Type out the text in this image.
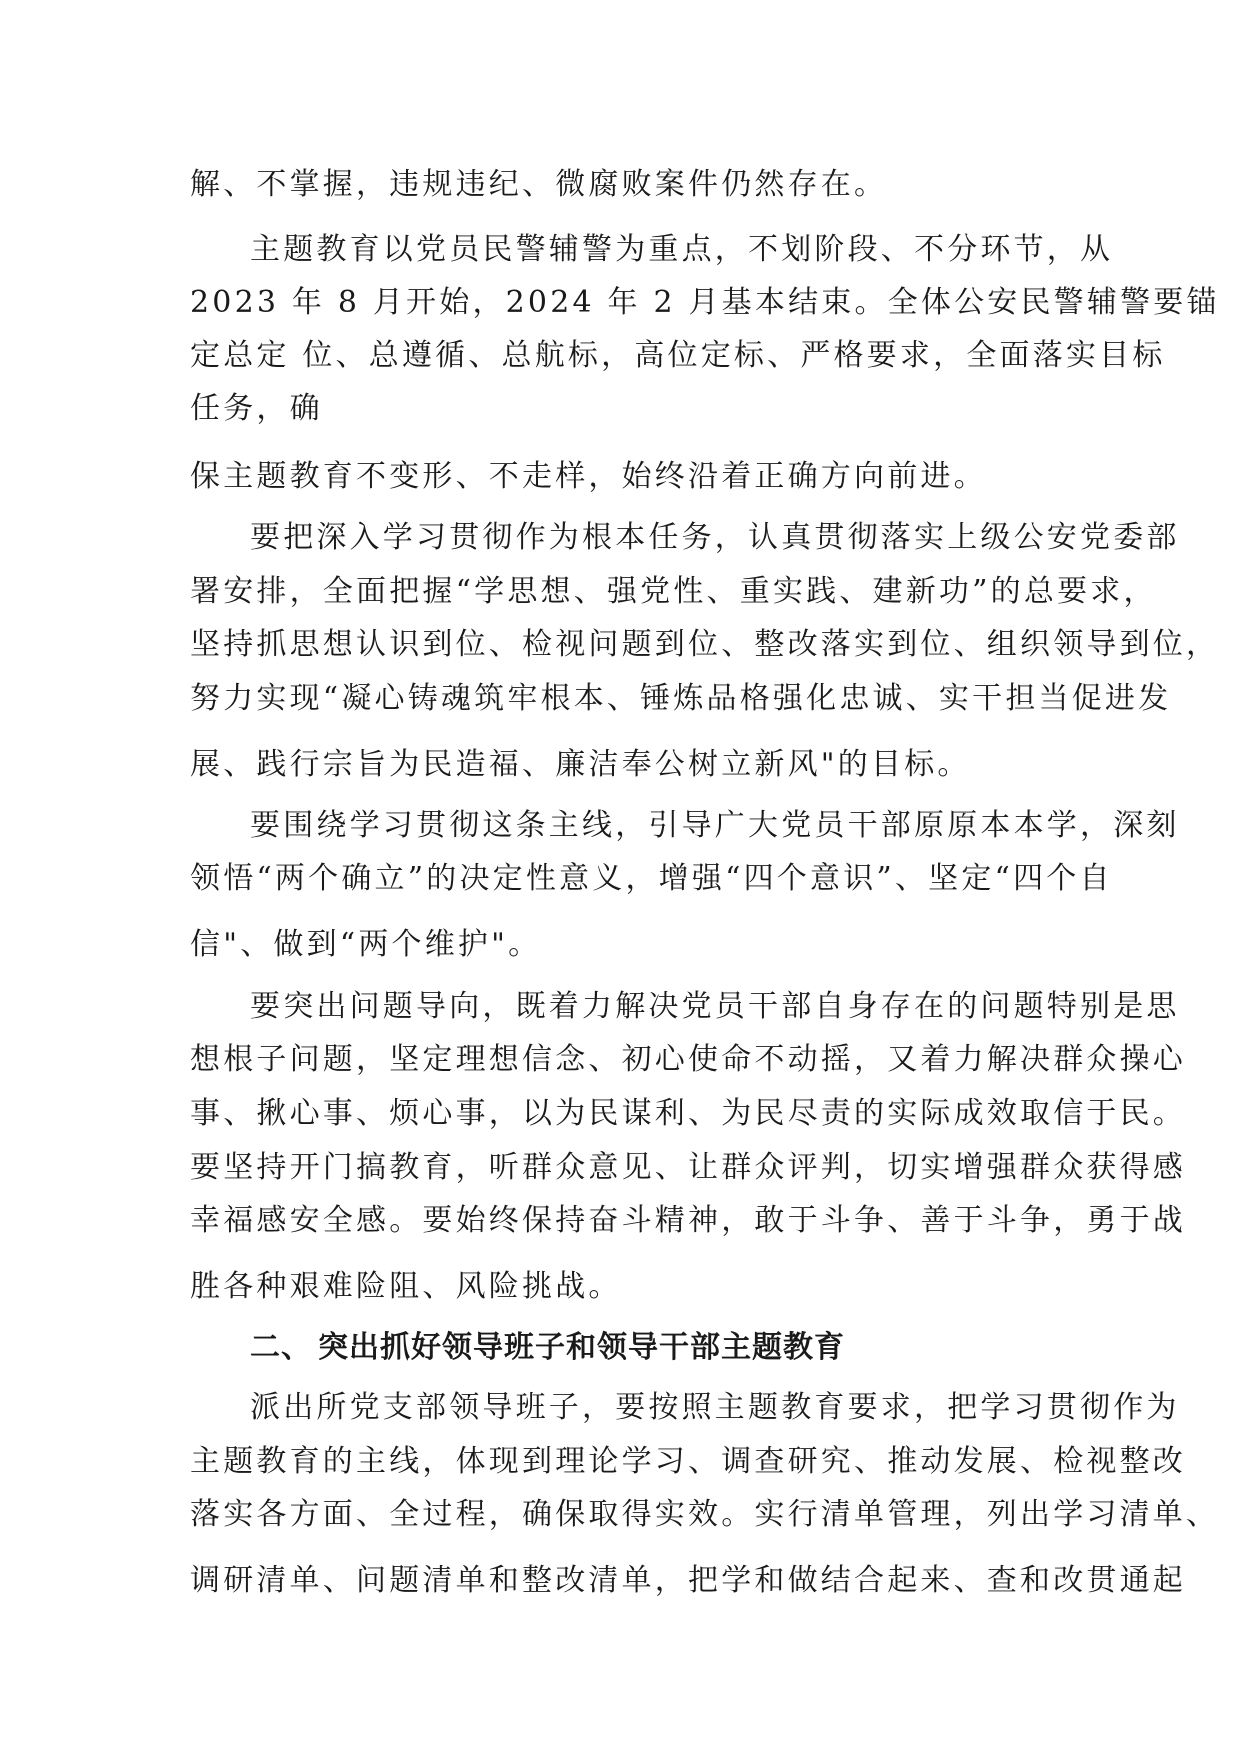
解、不掌握，违规违纪、微腐败案件仍然存在。
主题教育以党员民警辅警为重点，不划阶段、不分环节，从
2023 年 8 月开始，2024 年 2 月基本结束。全体公安民警辅警要锚
定总定 位、总遵循、总航标，高位定标、严格要求，全面落实目标
任务，确
保主题教育不变形、不走样，始终沿着正确方向前进。
要把深入学习贯彻作为根本任务，认真贯彻落实上级公安党委部
署安排，全面把握“学思想、强党性、重实践、建新功”的总要求，
坚持抓思想认识到位、检视问题到位、整改落实到位、组织领导到位，
努力实现“凝心铸魂筑牢根本、锤炼品格强化忠诚、实干担当促进发
展、践行宗旨为民造福、廉洁奉公树立新风"的目标。
要围绕学习贯彻这条主线，引导广大党员干部原原本本学，深刻
领悟“两个确立”的决定性意义，增强“四个意识”、坚定“四个自
信"、做到“两个维护"。
要突出问题导向，既着力解决党员干部自身存在的问题特别是思
想根子问题，坚定理想信念、初心使命不动摇，又着力解决群众操心
事、揪心事、烦心事，以为民谋利、为民尽责的实际成效取信于民。
要坚持开门搞教育，听群众意见、让群众评判，切实增强群众获得感
幸福感安全感。要始终保持奋斗精神，敢于斗争、善于斗争，勇于战
胜各种艰难险阻、风险挑战。
二、 突出抓好领导班子和领导干部主题教育
派出所党支部领导班子，要按照主题教育要求，把学习贯彻作为
主题教育的主线，体现到理论学习、调查研究、推动发展、检视整改
落实各方面、全过程，确保取得实效。实行清单管理，列出学习清单、
调研清单、问题清单和整改清单，把学和做结合起来、查和改贯通起
